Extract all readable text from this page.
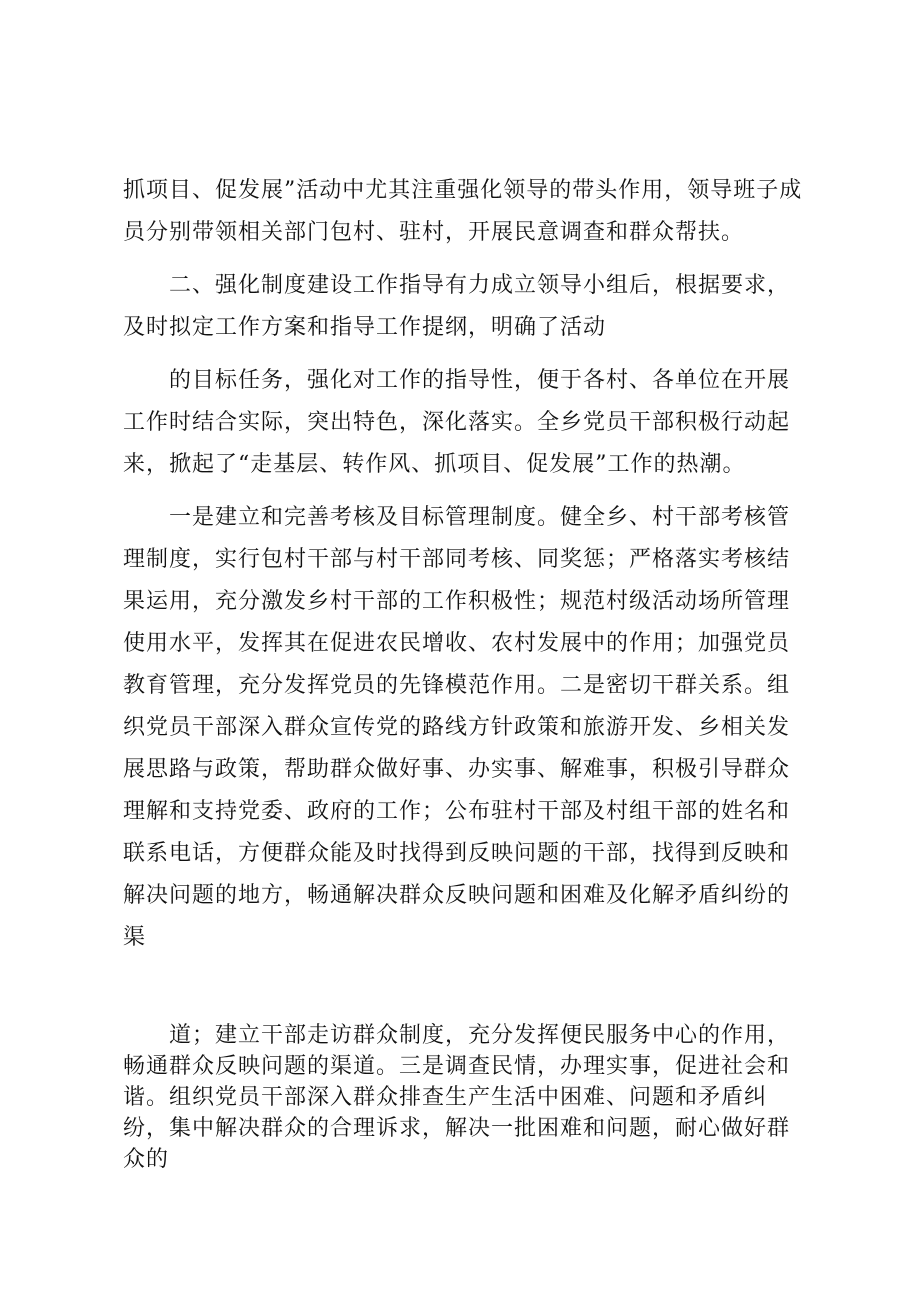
抓项目、促发展”活动中尤其注重强化领导的带头作用，领导班子成员分别带领相关部门包村、驻村，开展民意调查和群众帮扶。

　　二、强化制度建设工作指导有力成立领导小组后，根据要求，及时拟定工作方案和指导工作提纲，明确了活动

　　的目标任务，强化对工作的指导性，便于各村、各单位在开展工作时结合实际，突出特色，深化落实。全乡党员干部积极行动起来，掀起了“走基层、转作风、抓项目、促发展”工作的热潮。

　　一是建立和完善考核及目标管理制度。健全乡、村干部考核管理制度，实行包村干部与村干部同考核、同奖惩；严格落实考核结果运用，充分激发乡村干部的工作积极性；规范村级活动场所管理使用水平，发挥其在促进农民增收、农村发展中的作用；加强党员教育管理，充分发挥党员的先锋模范作用。二是密切干群关系。组织党员干部深入群众宣传党的路线方针政策和旅游开发、乡相关发展思路与政策，帮助群众做好事、办实事、解难事，积极引导群众理解和支持党委、政府的工作；公布驻村干部及村组干部的姓名和联系电话，方便群众能及时找得到反映问题的干部，找得到反映和解决问题的地方，畅通解决群众反映问题和困难及化解矛盾纠纷的渠

　　道；建立干部走访群众制度，充分发挥便民服务中心的作用，畅通群众反映问题的渠道。三是调查民情，办理实事，促进社会和谐。组织党员干部深入群众排查生产生活中困难、问题和矛盾纠纷，集中解决群众的合理诉求，解决一批困难和问题，耐心做好群众的
